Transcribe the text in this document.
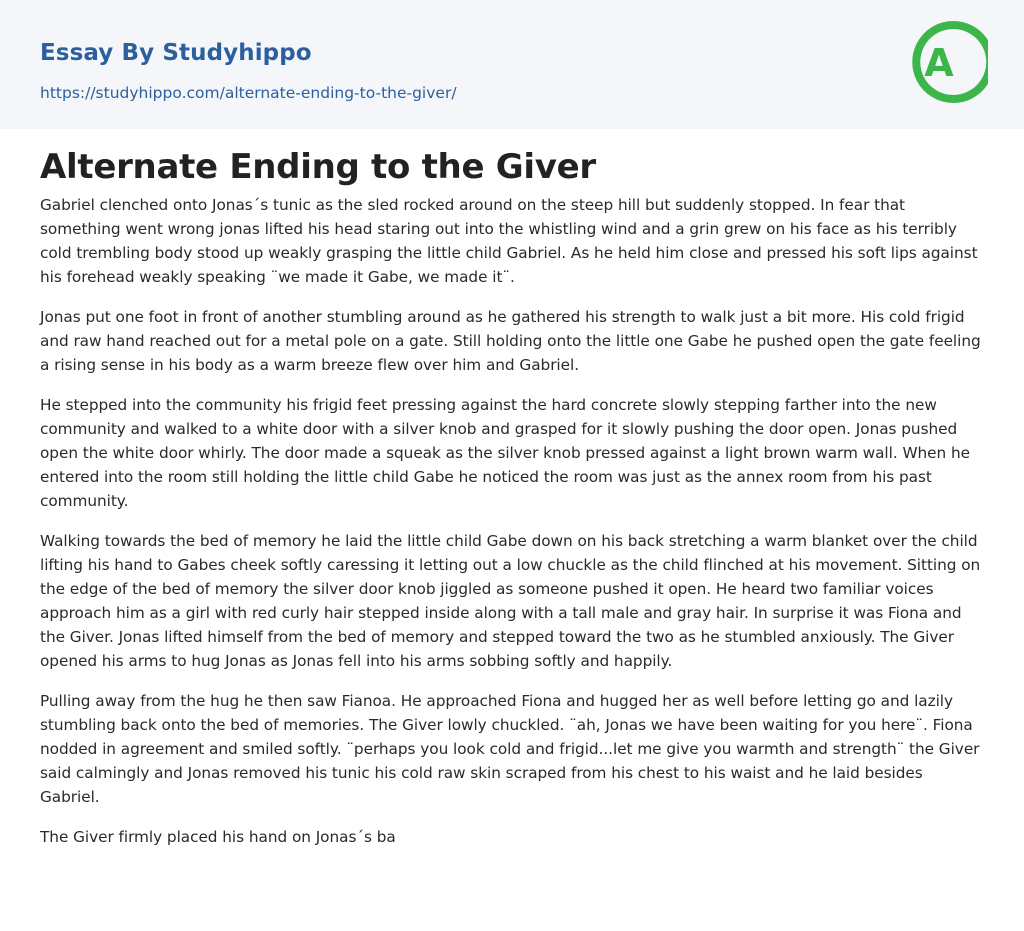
Essay By Studyhippo
https://studyhippo.com/alternate-ending-to-the-giver/
A
Alternate Ending to the Giver

Gabriel clenched onto Jonas´s tunic as the sled rocked around on the steep hill but suddenly stopped. In fear that something went wrong jonas lifted his head staring out into the whistling wind and a grin grew on his face as his terribly cold trembling body stood up weakly grasping the little child Gabriel. As he held him close and pressed his soft lips against his forehead weakly speaking ¨we made it Gabe, we made it¨.

Jonas put one foot in front of another stumbling around as he gathered his strength to walk just a bit more. His cold frigid and raw hand reached out for a metal pole on a gate. Still holding onto the little one Gabe he pushed open the gate feeling a rising sense in his body as a warm breeze flew over him and Gabriel.

He stepped into the community his frigid feet pressing against the hard concrete slowly stepping farther into the new community and walked to a white door with a silver knob and grasped for it slowly pushing the door open. Jonas pushed open the white door whirly. The door made a squeak as the silver knob pressed against a light brown warm wall. When he entered into the room still holding the little child Gabe he noticed the room was just as the annex room from his past community.

Walking towards the bed of memory he laid the little child Gabe down on his back stretching a warm blanket over the child lifting his hand to Gabes cheek softly caressing it letting out a low chuckle as the child flinched at his movement. Sitting on the edge of the bed of memory the silver door knob jiggled as someone pushed it open. He heard two familiar voices approach him as a girl with red curly hair stepped inside along with a tall male and gray hair. In surprise it was Fiona and the Giver. Jonas lifted himself from the bed of memory and stepped toward the two as he stumbled anxiously. The Giver opened his arms to hug Jonas as Jonas fell into his arms sobbing softly and happily.

Pulling away from the hug he then saw Fianoa. He approached Fiona and hugged her as well before letting go and lazily stumbling back onto the bed of memories. The Giver lowly chuckled. ¨ah, Jonas we have been waiting for you here¨. Fiona nodded in agreement and smiled softly. ¨perhaps you look cold and frigid...let me give you warmth and strength¨ the Giver said calmingly and Jonas removed his tunic his cold raw skin scraped from his chest to his waist and he laid besides Gabriel.

The Giver firmly placed his hand on Jonas´s ba
